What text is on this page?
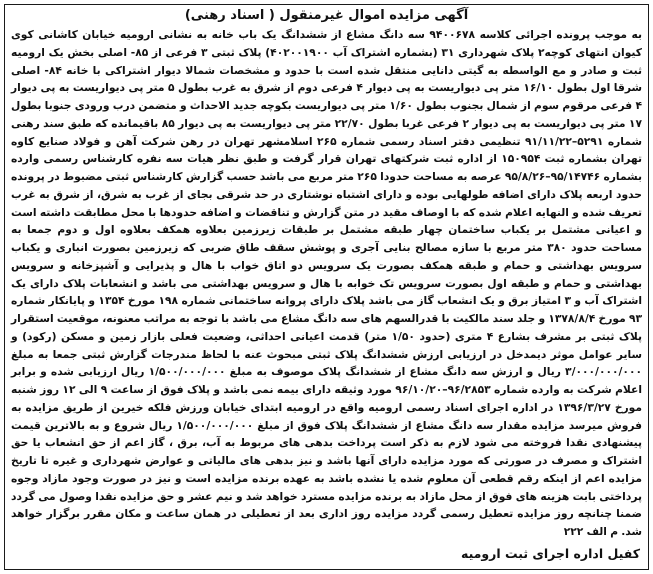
آگهی مزایده اموال غیرمنقول ( اسناد رهنی)
به موجب پرونده اجرائی کلاسه ۹۴۰۰۶۷۸ سه دانگ مشاع از ششدانگ یک باب خانه به نشانی ارومیه خیابان کاشانی کوی کیوان انتهای کوچه۲ پلاک شهرداری ۳۱ (بشماره اشتراک آب ۴۰۲۰۰۱۹۰۰) پلاک ثبتی ۳ فرعی از ۸۵- اصلی بخش یک ارومیه ثبت و صادر و مع الواسطه به گیتی دانایی منتقل شده است با حدود و مشخصات شمالا دیوار اشتراکی با خانه ۸۴- اصلی شرقا اول بطول ۱۶/۱۰ متر پی دیواریست به پی دیوار ۴ فرعی دوم از شرق به غرب بطول ۵ متر پی دیواریست به پی دیوار ۴ فرعی مرقوم سوم از شمال بجنوب بطول ۱/۶۰ متر پی دیواریست بکوچه جدید الاحداث و متضمن درب ورودی جنوبا بطول ۱۷ متر پی دیواریست به پی دیوار ۲ فرعی غربا بطول ۲۲/۷۰ متر پی دیواریست به پی دیوار ۸۵ باقیمانده که طبق سند رهنی شماره ۵۲۹۱–۹۱/۱۱/۲۲ تنظیمی دفتر اسناد رسمی شماره ۲۶۵ اسلامشهر تهران در رهن شرکت آهن و فولاد صنایع کاوه تهران بشماره ثبت ۱۵۰۹۵۴ از اداره ثبت شرکتهای تهران قرار گرفت و طبق نظر هیات سه نفره کارشناس رسمی وارده بشماره ۹۵/۱۴۷۴۶–۹۵/۸/۲۶ عرصه به مساحت حدودا ۲۶۵ متر مربع می باشد حسب گزارش کارشناس ثبتی مضبوط در پرونده حدود اربعه پلاک دارای اضافه طولهایی بوده و دارای اشتباه نوشتاری در حد شرقی بجای از غرب به شرق، از شرق به غرب تعریف شده و النهایه اعلام شده که با اوصاف مقید در متن گزارش و تناقضات و اضافه حدودها با محل مطابقت داشته است و اعیانی مشتمل بر یکباب ساختمان چهار طبقه مشتمل بر طبقات زیرزمین بعلاوه همکف بعلاوه اول و دوم جمعا به مساحت حدود ۳۸۰ متر مربع با سازه مصالح بنایی آجری و پوشش سقف طاق ضربی که زیرزمین بصورت انباری و یکباب سرویس بهداشتی و حمام و طبقه همکف بصورت یک سرویس دو اتاق خواب با هال و پذیرایی و آشپزخانه و سرویس بهداشتی و حمام و طبقه اول بصورت سرویس تک خوابه با هال و سرویس بهداشتی می باشد و انشعابات پلاک دارای یک اشتراک آب و ۳ امتیاز برق و یک انشعاب گاز می باشد پلاک دارای پروانه ساختمانی شماره ۱۹۸ مورخ ۱۳۵۴ و پایانکار شماره ۹۳ مورخ ۱۳۷۸/۸/۴ و جلد سند مالکیت با قدرالسهم های سه دانگ مشاع می باشد با توجه به مراتب معنونه، موقعیت استقرار پلاک ثبتی بر مشرف بشارع ۴ متری (حدود ۱/۵۰ متر) قدمت اعیانی احداثی، وضعیت فعلی بازار زمین و مسکن (رکود) و سایر عوامل موثر دیمدخل در ارزیابی ارزش ششدانگ پلاک ثبتی مبحوث عنه با لحاظ مندرجات گزارش ثبتی جمعا به مبلغ ۳/۰۰۰/۰۰۰/۰۰۰ ریال و ارزش سه دانگ مشاع از ششدانگ پلاک موصوف به مبلغ ۱/۵۰۰/۰۰۰/۰۰۰ ریال ارزیابی شده و برابر اعلام شرکت به وارده شماره ۹۶/۲۸۵۳–۹۶/۱۰/۲۰ مورد وثیقه دارای بیمه نمی باشد و پلاک فوق از ساعت ۹ الی ۱۲ روز شنبه مورخ ۱۳۹۶/۳/۲۷ در اداره اجرای اسناد رسمی ارومیه واقع در ارومیه ابتدای خیابان ورزش فلکه خیرین از طریق مزایده به فروش میرسد مزایده مقدار سه دانگ مشاع از ششدانگ پلاک فوق از مبلغ ۱/۵۰۰/۰۰۰/۰۰۰ ریال شروع و به بالاترین قیمت پیشنهادی نقدا فروخته می شود لازم به ذکر است پرداخت بدهی های مربوط به آب، برق ، گاز اعم از حق انشعاب یا حق اشتراک و مصرف در صورتی که مورد مزایده دارای آنها باشد و نیز بدهی های مالیاتی و عوارض شهرداری و غیره تا تاریخ مزایده اعم از اینکه رقم قطعی آن معلوم شده یا نشده باشد به عهده برنده مزایده است و نیز در صورت وجود مازاد وجوه پرداختی بابت هزینه های فوق از محل مازاد به برنده مزایده مسترد خواهد شد و نیم عشر و حق مزایده نقدا وصول می گردد ضمنا چنانچه روز مزایده تعطیل رسمی گردد مزایده روز اداری بعد از تعطیلی در همان ساعت و مکان مقرر برگزار خواهد شد. م الف ۲۲۲
کفیل اداره اجرای ثبت ارومیه
